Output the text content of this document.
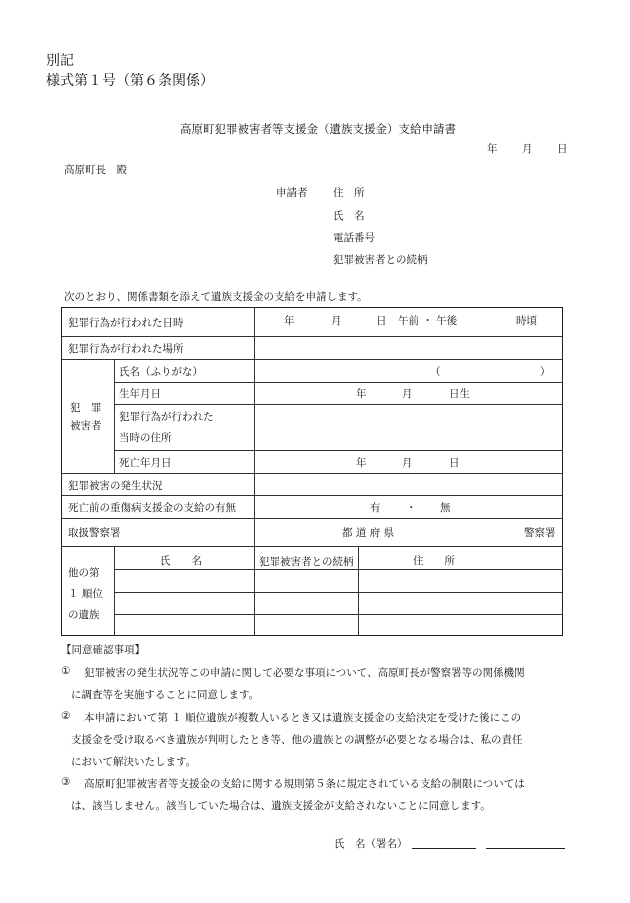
別記
様式第１号（第６条関係）
高原町犯罪被害者等支援金（遺族支援金）支給申請書
年 月 日
高原町長　殿
申請者 住　所
氏　名
電話番号
犯罪被害者との続柄
次のとおり、関係書類を添えて遺族支援金の支給を申請します。
犯罪行為が行われた日時	年	月	日 午前 ・ 午後	時頃
犯罪行為が行われた場所
犯　罪
被害者
氏名（ふりがな）	（	）
生年月日	年	月	日生
犯罪行為が行われた
当時の住所
死亡年月日	年	月	日
犯罪被害の発生状況
死亡前の重傷病支援金の支給の有無	有 ・ 無
取扱警察署	都 道 府 県	警察署
他の第
１ 順位
の遺族
氏　　名	犯罪被害者との続柄	住　　所
【同意確認事項】
① 犯罪被害の発生状況等この申請に関して必要な事項について、高原町長が警察署等の関係機関
に調査等を実施することに同意します。
② 本申請において第 １ 順位遺族が複数人いるとき又は遺族支援金の支給決定を受けた後にこの
支援金を受け取るべき遺族が判明したとき等、他の遺族との調整が必要となる場合は、私の責任
において解決いたします。
③ 高原町犯罪被害者等支援金の支給に関する規則第５条に規定されている支給の制限については
は、該当しません。該当していた場合は、遺族支援金が支給されないことに同意します。
氏　名（署名）
